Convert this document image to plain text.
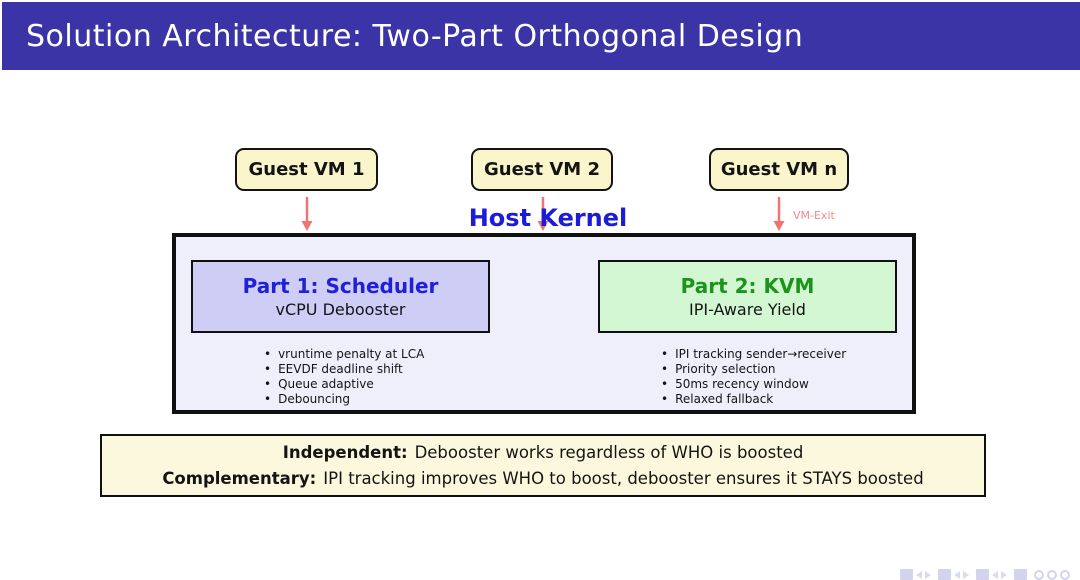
Solution Architecture: Two-Part Orthogonal Design
Guest VM 1	Guest VM 2	Guest VM n
Host Kernel	VM-Exit
Part 1: Scheduler
vCPU Debooster
Part 2: KVM
IPI-Aware Yield
• vruntime penalty at LCA
• EEVDF deadline shift
• Queue adaptive
• Debouncing
• IPI tracking sender→receiver
• Priority selection
• 50ms recency window
• Relaxed fallback
Independent: Debooster works regardless of WHO is boosted
Complementary: IPI tracking improves WHO to boost, debooster ensures it STAYS boosted
